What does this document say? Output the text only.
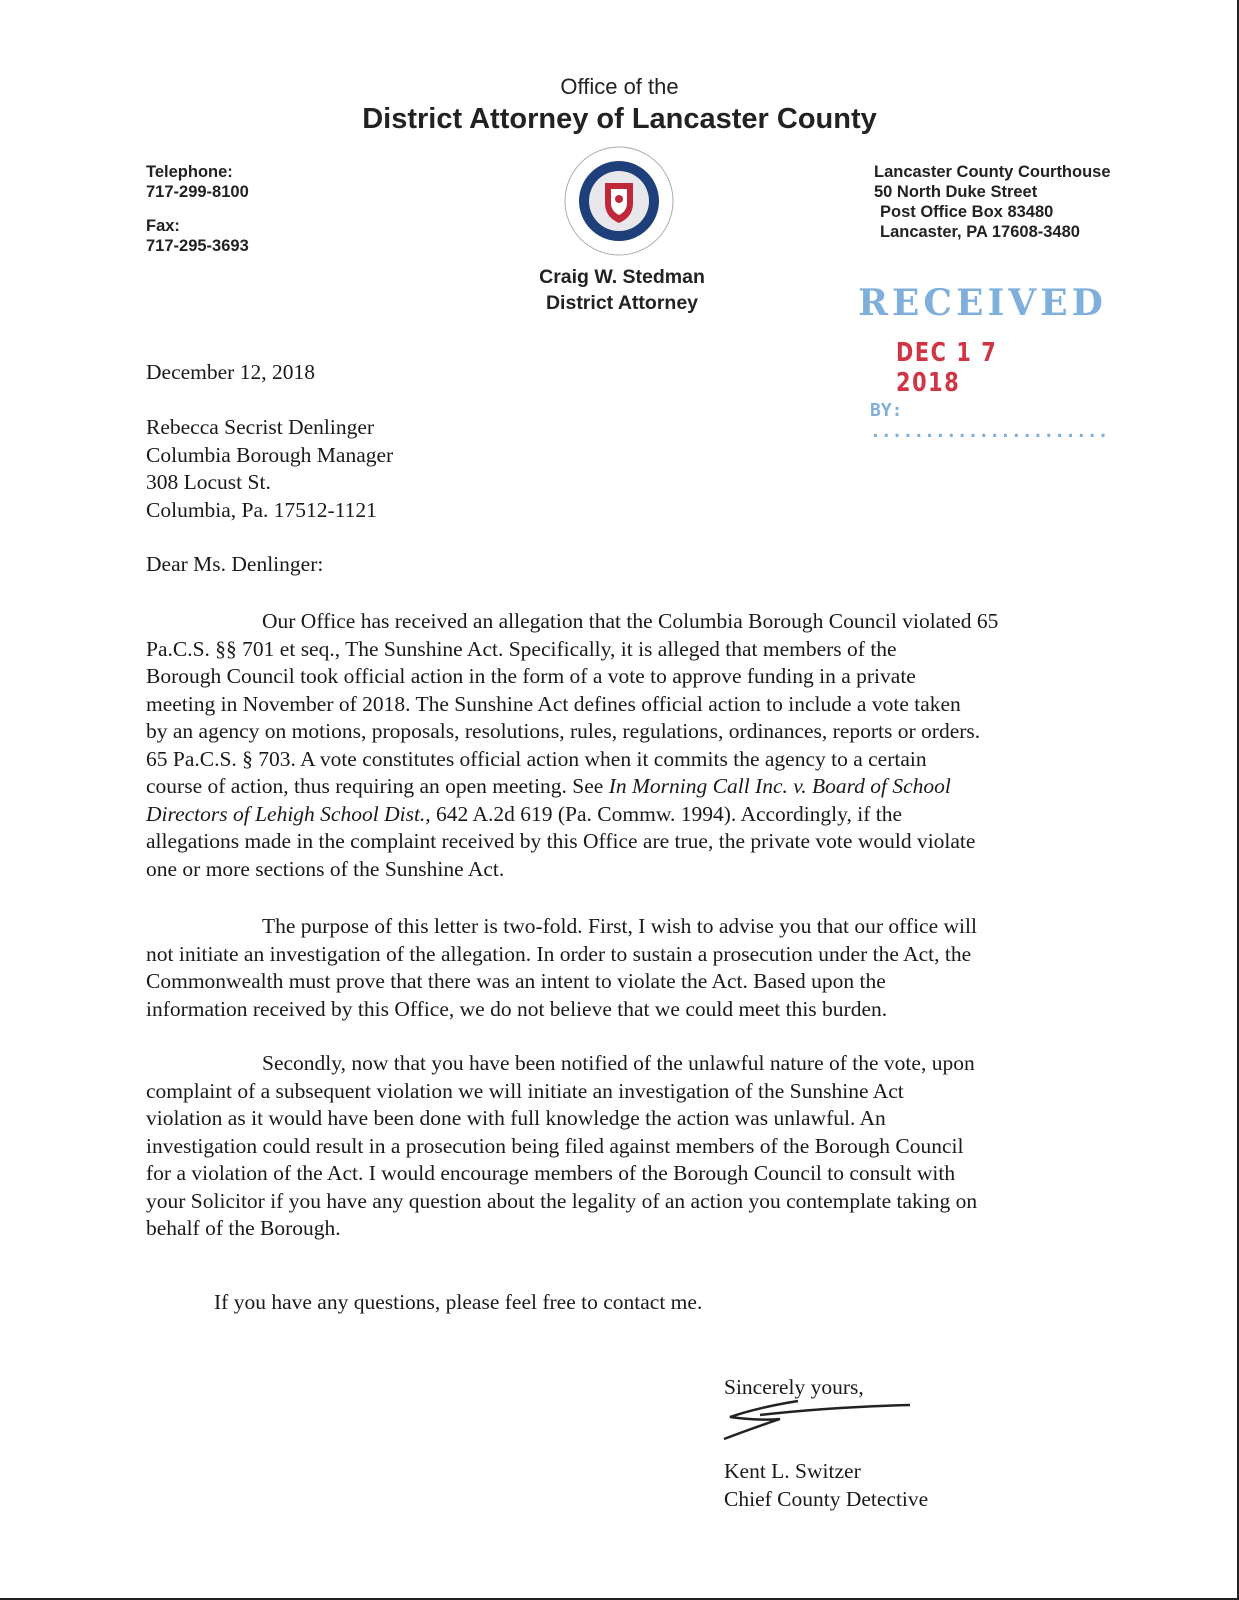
Office of the
District Attorney of Lancaster County
Telephone:
717-299-8100
Fax:
717-295-3693
Craig W. Stedman
District Attorney
Lancaster County Courthouse
50 North Duke Street
Post Office Box 83480
Lancaster, PA 17608-3480
RECEIVED
DEC 1 7 2018
BY: ......................
December 12, 2018
Rebecca Secrist Denlinger
Columbia Borough Manager
308 Locust St.
Columbia, Pa. 17512-1121
Dear Ms. Denlinger:
Our Office has received an allegation that the Columbia Borough Council violated 65
Pa.C.S. §§ 701 et seq., The Sunshine Act. Specifically, it is alleged that members of the
Borough Council took official action in the form of a vote to approve funding in a private
meeting in November of 2018. The Sunshine Act defines official action to include a vote taken
by an agency on motions, proposals, resolutions, rules, regulations, ordinances, reports or orders.
65 Pa.C.S. § 703. A vote constitutes official action when it commits the agency to a certain
course of action, thus requiring an open meeting. See In Morning Call Inc. v. Board of School
Directors of Lehigh School Dist., 642 A.2d 619 (Pa. Commw. 1994). Accordingly, if the
allegations made in the complaint received by this Office are true, the private vote would violate
one or more sections of the Sunshine Act.
The purpose of this letter is two-fold. First, I wish to advise you that our office will
not initiate an investigation of the allegation. In order to sustain a prosecution under the Act, the
Commonwealth must prove that there was an intent to violate the Act. Based upon the
information received by this Office, we do not believe that we could meet this burden.
Secondly, now that you have been notified of the unlawful nature of the vote, upon
complaint of a subsequent violation we will initiate an investigation of the Sunshine Act
violation as it would have been done with full knowledge the action was unlawful. An
investigation could result in a prosecution being filed against members of the Borough Council
for a violation of the Act. I would encourage members of the Borough Council to consult with
your Solicitor if you have any question about the legality of an action you contemplate taking on
behalf of the Borough.
If you have any questions, please feel free to contact me.
Sincerely yours,
Kent L. Switzer
Chief County Detective
